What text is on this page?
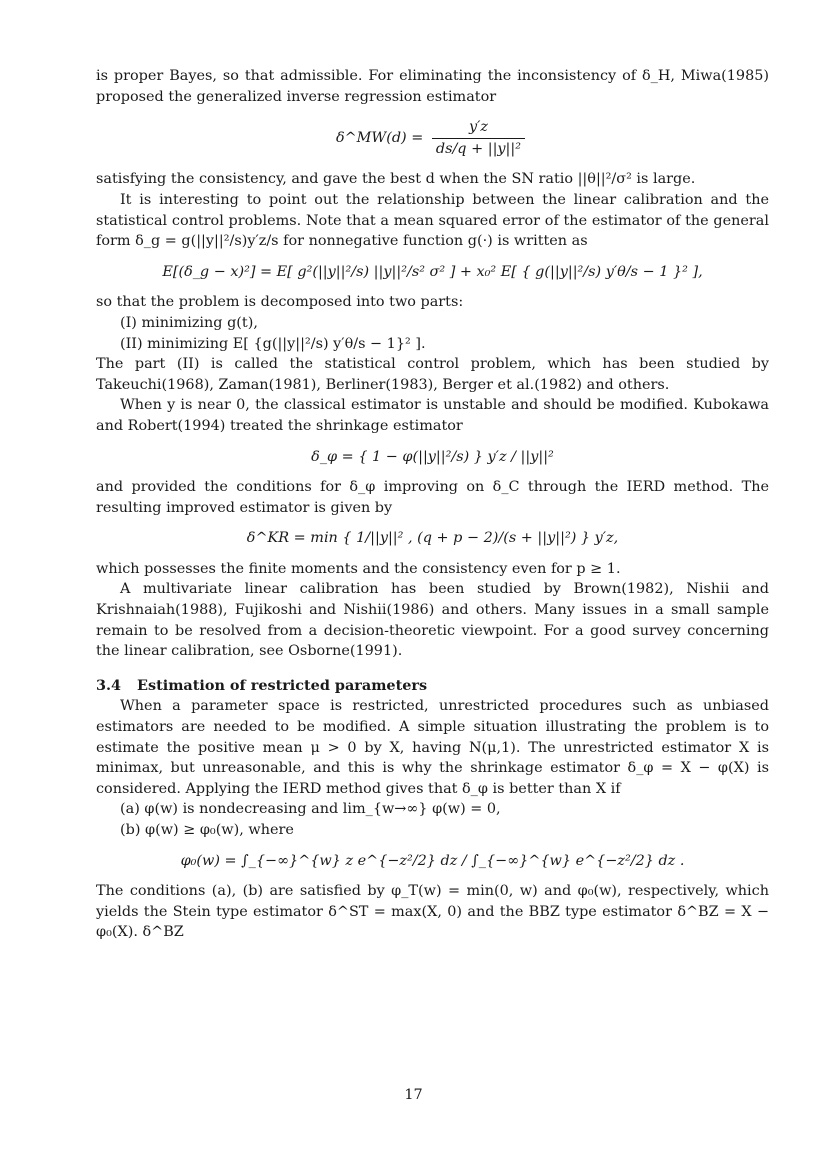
is proper Bayes, so that admissible. For eliminating the inconsistency of δ_H, Miwa(1985) proposed the generalized inverse regression estimator

δ^MW(d) = $\frac{y'z}{\text{ds/q + ||y||²}}$

satisfying the consistency, and gave the best d when the SN ratio ||θ||²/σ² is large.

It is interesting to point out the relationship between the linear calibration and the statistical control problems. Note that a mean squared error of the estimator of the general form δ_g = g(||y||²/s)y′z/s for nonnegative function g(·) is written as

E[(δ_g − x)²] = E[ g²(||y||²/s) ||y||²/s² σ² ] + x₀² E[ { g(||y||²/s) y′θ/s − 1 }² ],

so that the problem is decomposed into two parts:

(I) minimizing g(t),

(II) minimizing E[ {g(||y||²/s) y′θ/s − 1}² ].

The part (II) is called the statistical control problem, which has been studied by Takeuchi(1968), Zaman(1981), Berliner(1983), Berger et al.(1982) and others.

When y is near 0, the classical estimator is unstable and should be modified. Kubokawa and Robert(1994) treated the shrinkage estimator

δ_φ = { 1 − φ(||y||²/s) } y′z / ||y||²

and provided the conditions for δ_φ improving on δ_C through the IERD method. The resulting improved estimator is given by

δ^KR = min { 1/||y||² , (q + p − 2)/(s + ||y||²) } y′z,

which possesses the finite moments and the consistency even for p ≥ 1.

A multivariate linear calibration has been studied by Brown(1982), Nishii and Krishnaiah(1988), Fujikoshi and Nishii(1986) and others. Many issues in a small sample remain to be resolved from a decision-theoretic viewpoint. For a good survey concerning the linear calibration, see Osborne(1991).

3.4 Estimation of restricted parameters

When a parameter space is restricted, unrestricted procedures such as unbiased estimators are needed to be modified. A simple situation illustrating the problem is to estimate the positive mean μ > 0 by X, having N(μ,1). The unrestricted estimator X is minimax, but unreasonable, and this is why the shrinkage estimator δ_φ = X − φ(X) is considered. Applying the IERD method gives that δ_φ is better than X if

(a) φ(w) is nondecreasing and lim_{w→∞} φ(w) = 0,

(b) φ(w) ≥ φ₀(w), where

φ₀(w) = ∫_{−∞}^{w} z e^{−z²/2} dz / ∫_{−∞}^{w} e^{−z²/2} dz .

The conditions (a), (b) are satisfied by φ_T(w) = min(0, w) and φ₀(w), respectively, which yields the Stein type estimator δ^ST = max(X, 0) and the BBZ type estimator δ^BZ = X − φ₀(X). δ^BZ

17
